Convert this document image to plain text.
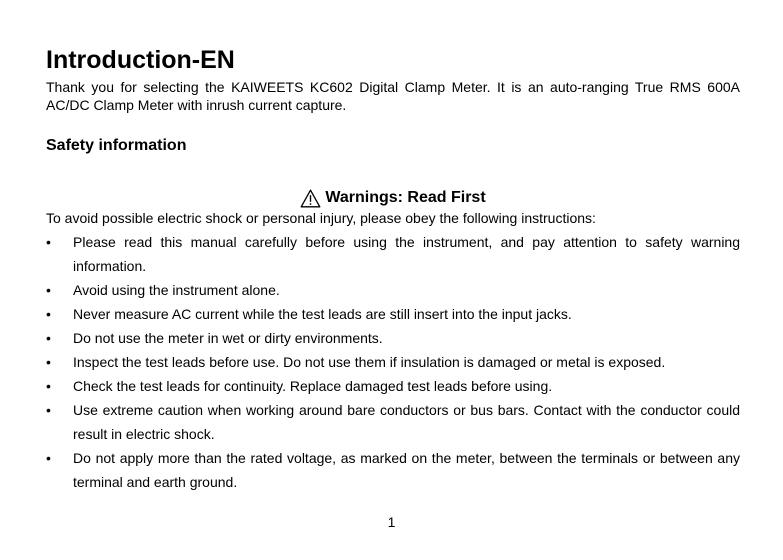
Introduction-EN

Thank you for selecting the KAIWEETS KC602 Digital Clamp Meter. It is an auto-ranging True RMS 600A AC/DC Clamp Meter with inrush current capture.

Safety information
Warnings: Read First

To avoid possible electric shock or personal injury, please obey the following instructions:

•	Please read this manual carefully before using the instrument, and pay attention to safety warning information.
•	Avoid using the instrument alone.
•	Never measure AC current while the test leads are still insert into the input jacks.
•	Do not use the meter in wet or dirty environments.
•	Inspect the test leads before use. Do not use them if insulation is damaged or metal is exposed.
•	Check the test leads for continuity. Replace damaged test leads before using.
•	Use extreme caution when working around bare conductors or bus bars. Contact with the conductor could result in electric shock.
•	Do not apply more than the rated voltage, as marked on the meter, between the terminals or between any terminal and earth ground.
1
